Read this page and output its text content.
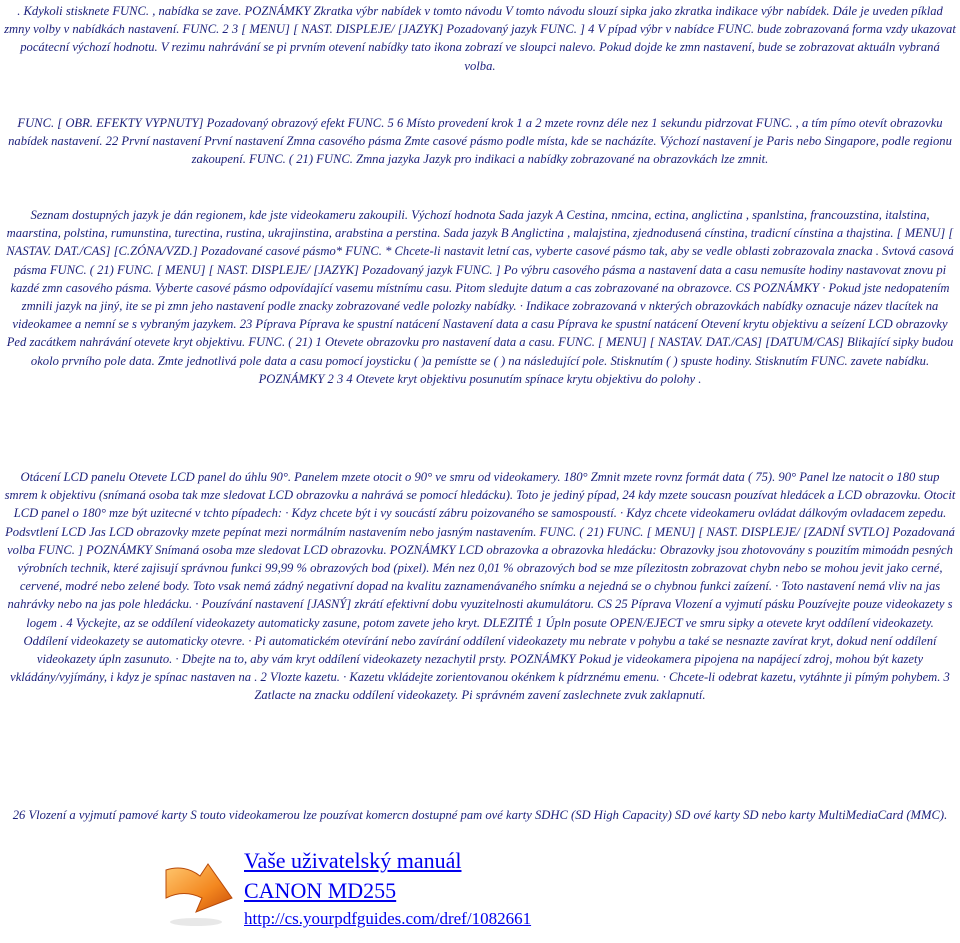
. Kdykoli stisknete FUNC. , nabídka se zave. POZNÁMKY Zkratka výbr nabídek v tomto návodu V tomto návodu slouzí sipka jako zkratka indikace výbr nabídek. Dále je uveden píklad zmny volby v nabídkách nastavení. FUNC. 2 3 [ MENU] [ NAST. DISPLEJE/ [JAZYK] Pozadovaný jazyk FUNC. ] 4 V pípad výbr v nabídce FUNC. bude zobrazovaná forma vzdy ukazovat pocátecní výchozí hodnotu. V rezimu nahrávání se pi prvním otevení nabídky tato ikona zobrazí ve sloupci nalevo. Pokud dojde ke zmn nastavení, bude se zobrazovat aktuáln vybraná volba.

FUNC. [ OBR. EFEKTY VYPNUTY] Pozadovaný obrazový efekt FUNC. 5 6 Místo provedení krok 1 a 2 mzete rovnz déle nez 1 sekundu pidrzovat FUNC. , a tím pímo otevít obrazovku nabídek nastavení. 22 První nastavení První nastavení Zmna casového pásma Zmte casové pásmo podle místa, kde se nacházíte. Výchozí nastavení je Paris nebo Singapore, podle regionu zakoupení. FUNC. ( 21) FUNC. Zmna jazyka Jazyk pro indikaci a nabídky zobrazované na obrazovkách lze zmnit.

Seznam dostupných jazyk je dán regionem, kde jste videokameru zakoupili. Výchozí hodnota Sada jazyk A Cestina, nmcina, ectina, anglictina , spanlstina, francouzstina, italstina, maarstina, polstina, rumunstina, turectina, rustina, ukrajinstina, arabstina a perstina. Sada jazyk B Anglictina , malajstina, zjednodusená cínstina, tradicní cínstina a thajstina. [ MENU] [ NASTAV. DAT./CAS] [C.ZÓNA/VZD.] Pozadované casové pásmo* FUNC. * Chcete-li nastavit letní cas, vyberte casové pásmo tak, aby se vedle oblasti zobrazovala znacka . Svtová casová pásma FUNC. ( 21) FUNC. [ MENU] [ NAST. DISPLEJE/ [JAZYK] Pozadovaný jazyk FUNC. ] Po výbru casového pásma a nastavení data a casu nemusíte hodiny nastavovat znovu pi kazdé zmn casového pásma. Vyberte casové pásmo odpovídající vasemu místnímu casu. Pitom sledujte datum a cas zobrazované na obrazovce. CS POZNÁMKY · Pokud jste nedopatením zmnili jazyk na jiný, ite se pi zmn jeho nastavení podle znacky zobrazované vedle polozky nabídky. · Indikace zobrazovaná v nkterých obrazovkách nabídky oznacuje název tlacítek na videokamee a nemní se s vybraným jazykem. 23 Píprava Píprava ke spustní natácení Nastavení data a casu Píprava ke spustní natácení Otevení krytu objektivu a seízení LCD obrazovky Ped zacátkem nahrávání otevete kryt objektivu. FUNC. ( 21) 1 Otevete obrazovku pro nastavení data a casu. FUNC. [ MENU] [ NASTAV. DAT./CAS] [DATUM/CAS] Blikající sipky budou okolo prvního pole data. Zmte jednotlivá pole data a casu pomocí joysticku ( )a pemístte se ( ) na následující pole. Stisknutím ( ) spuste hodiny. Stisknutím FUNC. zavete nabídku. POZNÁMKY 2 3 4 Otevete kryt objektivu posunutím spínace krytu objektivu do polohy .

Otácení LCD panelu Otevete LCD panel do úhlu 90°. Panelem mzete otocit o 90° ve smru od videokamery. 180° Zmnit mzete rovnz formát data ( 75). 90° Panel lze natocit o 180 stup smrem k objektivu (snímaná osoba tak mze sledovat LCD obrazovku a nahrává se pomocí hledácku). Toto je jediný pípad, 24 kdy mzete soucasn pouzívat hledácek a LCD obrazovku. Otocit LCD panel o 180° mze být uzitecné v tchto pípadech: · Kdyz chcete být i vy soucástí zábru poizovaného se samospoustí. · Kdyz chcete videokameru ovládat dálkovým ovladacem zepedu. Podsvtlení LCD Jas LCD obrazovky mzete pepínat mezi normálním nastavením nebo jasným nastavením. FUNC. ( 21) FUNC. [ MENU] [ NAST. DISPLEJE/ [ZADNÍ SVTLO] Pozadovaná volba FUNC. ] POZNÁMKY Snímaná osoba mze sledovat LCD obrazovku. POZNÁMKY LCD obrazovka a obrazovka hledácku: Obrazovky jsou zhotovovány s pouzitím mimoádn pesných výrobních technik, které zajisují správnou funkci 99,99 % obrazových bod (pixel). Mén nez 0,01 % obrazových bod se mze pílezitostn zobrazovat chybn nebo se mohou jevit jako cerné, cervené, modré nebo zelené body. Toto vsak nemá zádný negativní dopad na kvalitu zaznamenávaného snímku a nejedná se o chybnou funkci zaízení. · Toto nastavení nemá vliv na jas nahrávky nebo na jas pole hledácku. · Pouzívání nastavení [JASNÝ] zkrátí efektivní dobu vyuzitelnosti akumulátoru. CS 25 Píprava Vlození a vyjmutí pásku Pouzívejte pouze videokazety s logem . 4 Vyckejte, az se oddílení videokazety automaticky zasune, potom zavete jeho kryt. DLEZITÉ 1 Úpln posute OPEN/EJECT ve smru sipky a otevete kryt oddílení videokazety. Oddílení videokazety se automaticky otevre. · Pi automatickém otevírání nebo zavírání oddílení videokazety mu nebrate v pohybu a také se nesnazte zavírat kryt, dokud není oddílení videokazety úpln zasunuto. · Dbejte na to, aby vám kryt oddílení videokazety nezachytil prsty. POZNÁMKY Pokud je videokamera pipojena na napájecí zdroj, mohou být kazety vkládány/vyjímány, i kdyz je spínac nastaven na . 2 Vlozte kazetu. · Kazetu vkládejte zorientovanou okénkem k pídrznému emenu. · Chcete-li odebrat kazetu, vytáhnte ji pímým pohybem. 3 Zatlacte na znacku oddílení videokazety. Pi správném zavení zaslechnete zvuk zaklapnutí.

26 Vlození a vyjmutí pamové karty S touto videokamerou lze pouzívat komercn dostupné pam ové karty SDHC (SD High Capacity) SD ové karty SD nebo karty MultiMediaCard (MMC).

Vaše uživatelský manuál
CANON MD255
http://cs.yourpdfguides.com/dref/1082661
